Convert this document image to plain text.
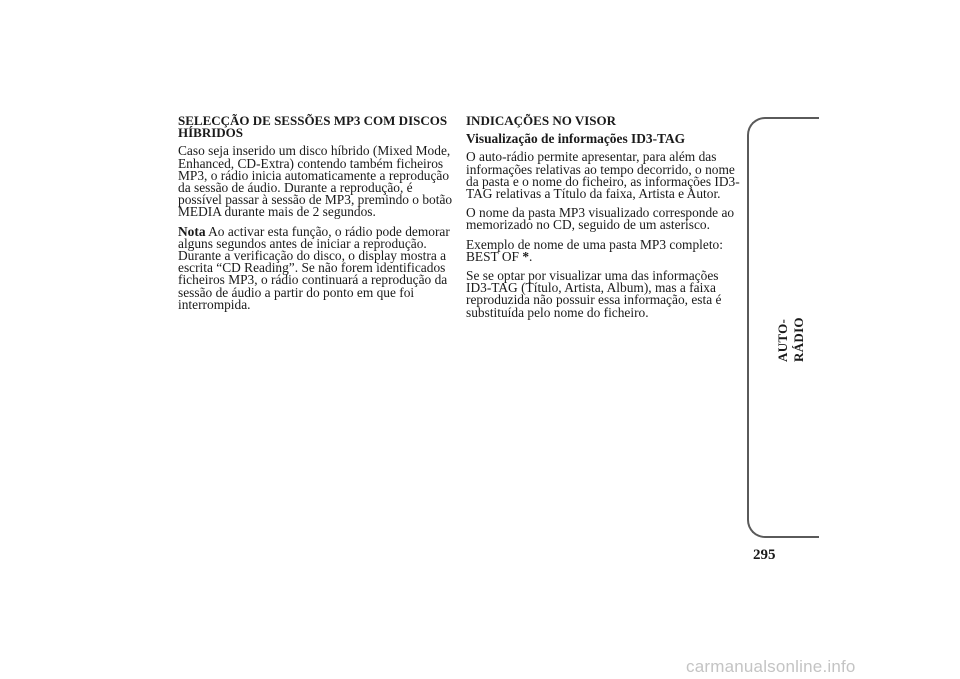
SELECÇÃO DE SESSÕES MP3 COM DISCOS HÍBRIDOS

Caso seja inserido um disco híbrido (Mixed Mode, Enhanced, CD-Extra) contendo também ficheiros MP3, o rádio inicia automaticamente a reprodução da sessão de áudio. Durante a reprodução, é possível passar à sessão de MP3, premindo o botão MEDIA durante mais de 2 segundos.

Nota Ao activar esta função, o rádio pode demorar alguns segundos antes de iniciar a reprodução. Durante a verificação do disco, o display mostra a escrita “CD Reading”. Se não forem identificados ficheiros MP3, o rádio continuará a reprodução da sessão de áudio a partir do ponto em que foi interrompida.

INDICAÇÕES NO VISOR
Visualização de informações ID3-TAG

O auto-rádio permite apresentar, para além das informações relativas ao tempo decorrido, o nome da pasta e o nome do ficheiro, as informações ID3-TAG relativas a Título da faixa, Artista e Autor.

O nome da pasta MP3 visualizado corresponde ao memorizado no CD, seguido de um asterisco.

Exemplo de nome de uma pasta MP3 completo: BEST OF *.

Se se optar por visualizar uma das informações ID3-TAG (Título, Artista, Album), mas a faixa reproduzida não possuir essa informação, esta é substituída pelo nome do ficheiro.

AUTO-RÁDIO
295
carmanualsonline.info
